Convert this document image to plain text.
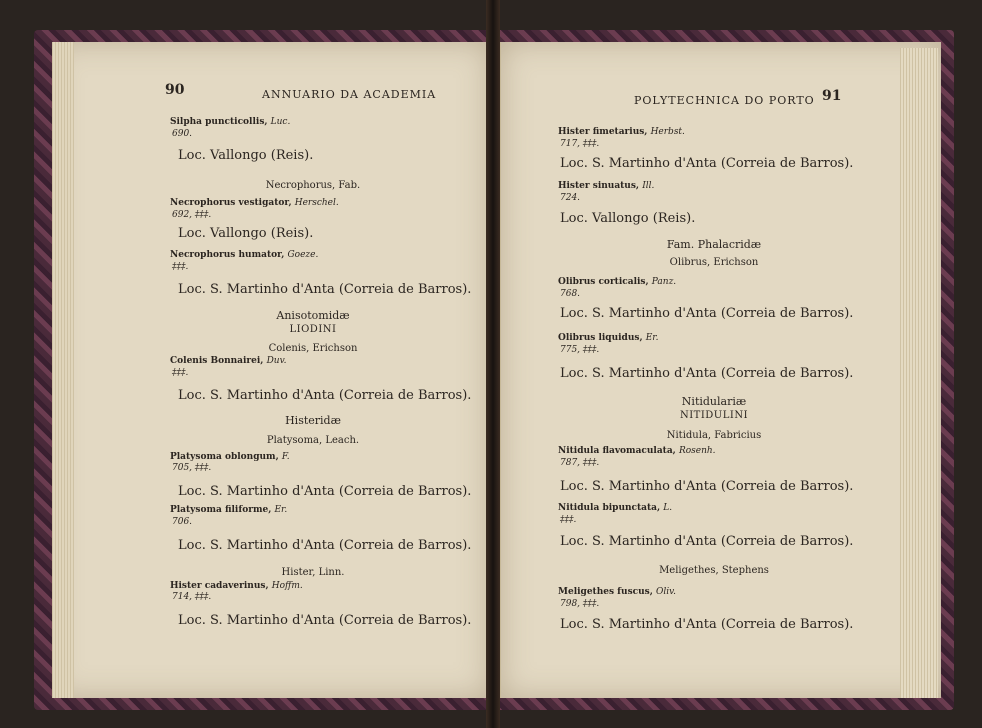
90	ANNUARIO DA ACADEMIA	POLYTECHNICA DO PORTO 91
Silpha puncticollis, Luc.
690.
Loc. Vallongo (Reis).
Necrophorus, Fab.
Necrophorus vestigator, Herschel.
692, ‡‡‡.
Loc. Vallongo (Reis).
Necrophorus humator, Goeze.
‡‡‡.
Loc. S. Martinho d'Anta (Correia de Barros).
Anisotomidæ
LIODINI
Colenis, Erichson
Colenis Bonnairei, Duv.
‡‡‡.
Loc. S. Martinho d'Anta (Correia de Barros).
Histeridæ
Platysoma, Leach.
Platysoma oblongum, F.
705, ‡‡‡.
Loc. S. Martinho d'Anta (Correia de Barros).
Platysoma filiforme, Er.
706.
Loc. S. Martinho d'Anta (Correia de Barros).
Hister, Linn.
Hister cadaverinus, Hoffm.
714, ‡‡‡.
Loc. S. Martinho d'Anta (Correia de Barros).
Hister fimetarius, Herbst.
717, ‡‡‡.
Loc. S. Martinho d'Anta (Correia de Barros).
Hister sinuatus, Ill.
724.
Loc. Vallongo (Reis).
Fam. Phalacridæ
Olibrus, Erichson
Olibrus corticalis, Panz.
768.
Loc. S. Martinho d'Anta (Correia de Barros).
Olibrus liquidus, Er.
775, ‡‡‡.
Loc. S. Martinho d'Anta (Correia de Barros).
Nitidulariæ
NITIDULINI
Nitidula, Fabricius
Nitidula flavomaculata, Rosenh.
787, ‡‡‡.
Loc. S. Martinho d'Anta (Correia de Barros).
Nitidula bipunctata, L.
‡‡‡.
Loc. S. Martinho d'Anta (Correia de Barros).
Meligethes, Stephens
Meligethes fuscus, Oliv.
798, ‡‡‡.
Loc. S. Martinho d'Anta (Correia de Barros).
